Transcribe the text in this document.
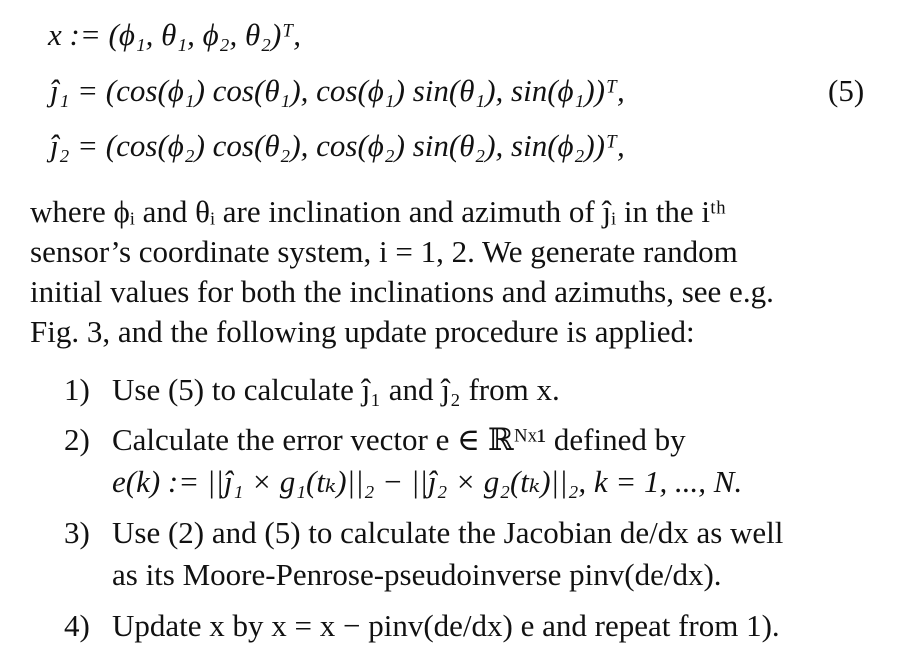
x := (ϕ₁, θ₁, ϕ₂, θ₂)ᵀ,
ĵ₁ = (cos(ϕ₁) cos(θ₁), cos(ϕ₁) sin(θ₁), sin(ϕ₁))ᵀ,
ĵ₂ = (cos(ϕ₂) cos(θ₂), cos(ϕ₂) sin(θ₂), sin(ϕ₂))ᵀ,
(5)
where ϕᵢ and θᵢ are inclination and azimuth of ĵᵢ in the iᵗʰ
sensor’s coordinate system, i = 1, 2. We generate random
initial values for both the inclinations and azimuths, see e.g.
Fig. 3, and the following update procedure is applied:
1) Use (5) to calculate ĵ₁ and ĵ₂ from x.
2) Calculate the error vector e ∈ ℝᴺˣ¹ defined by
e(k) := ||ĵ₁ × g₁(tₖ)||₂ − ||ĵ₂ × g₂(tₖ)||₂, k = 1, ..., N.
3) Use (2) and (5) to calculate the Jacobian de/dx as well
as its Moore-Penrose-pseudoinverse pinv(de/dx).
4) Update x by x = x − pinv(de/dx) e and repeat from 1).
